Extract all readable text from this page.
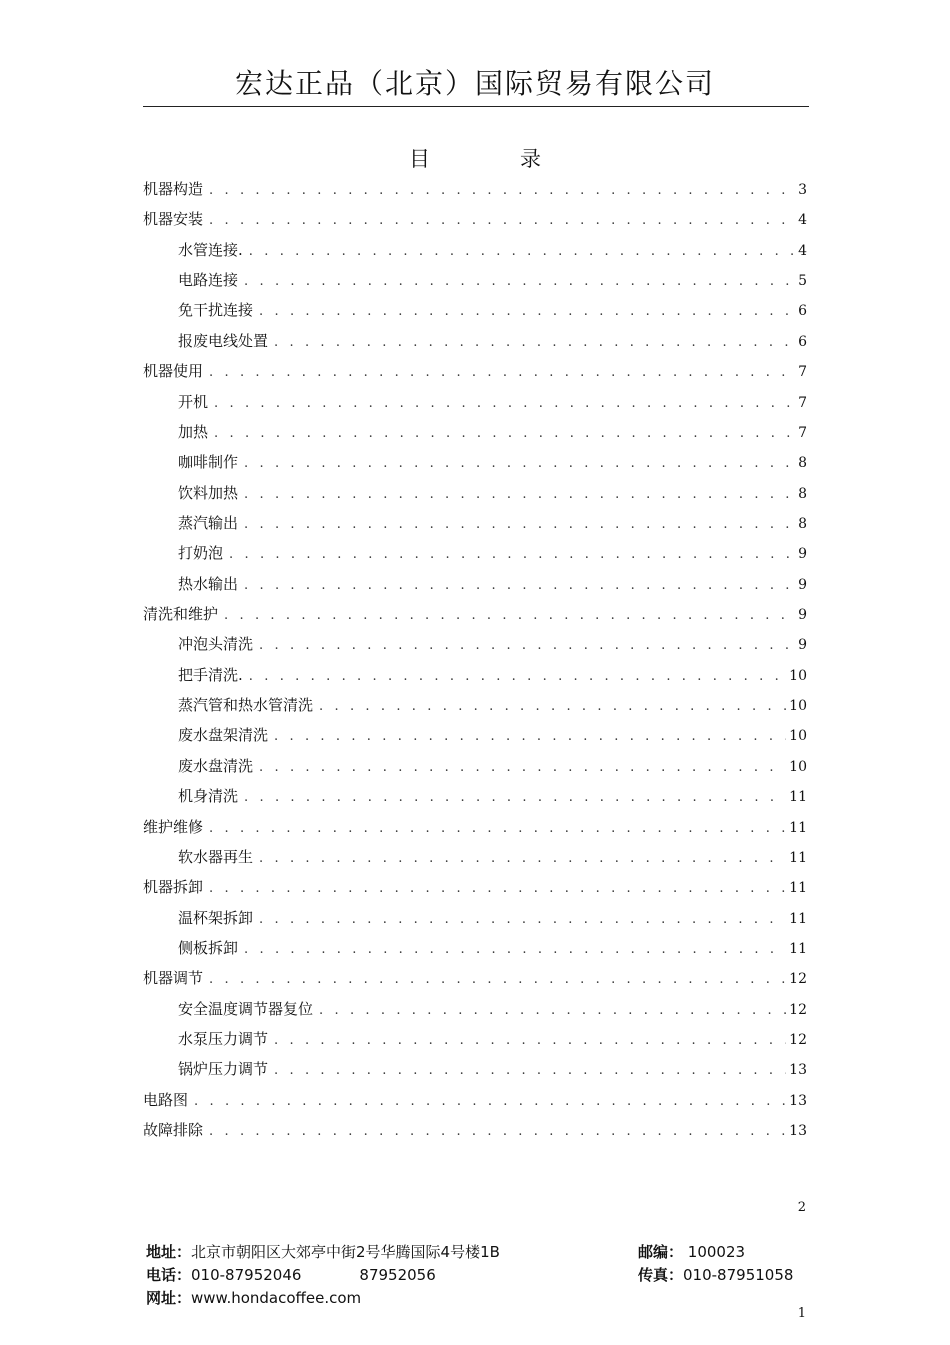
宏达正品（北京）国际贸易有限公司
目	录
机器构造 . . .	3
机器安装 . . .	4
水管连接. . . .	4
电路连接 . . .	5
免干扰连接 . . .	6
报废电线处置 . . .	6
机器使用 . . .	7
开机 . . .	7
加热 . . .	7
咖啡制作 . . .	8
饮料加热 . . .	8
蒸汽输出 . . .	8
打奶泡 . . .	9
热水输出 . . .	9
清洗和维护 . . .	9
冲泡头清洗 . . .	9
把手清洗. . . .	10
蒸汽管和热水管清洗 . . .	10
废水盘架清洗 . . .	10
废水盘清洗 . . .	10
机身清洗 . . .	11
维护维修 . . .	11
软水器再生 . . .	11
机器拆卸 . . .	11
温杯架拆卸 . . .	11
侧板拆卸 . . .	11
机器调节 . . .	12
安全温度调节器复位 . . .	12
水泵压力调节 . . .	12
锅炉压力调节 . . .	13
电路图 . . .	13
故障排除 . . .	13
2
地址：北京市朝阳区大郊亭中街2号华腾国际4号楼1B	邮编： 100023
电话：010-87952046	87952056	传真：010-87951058
网址：www.hondacoffee.com
1
